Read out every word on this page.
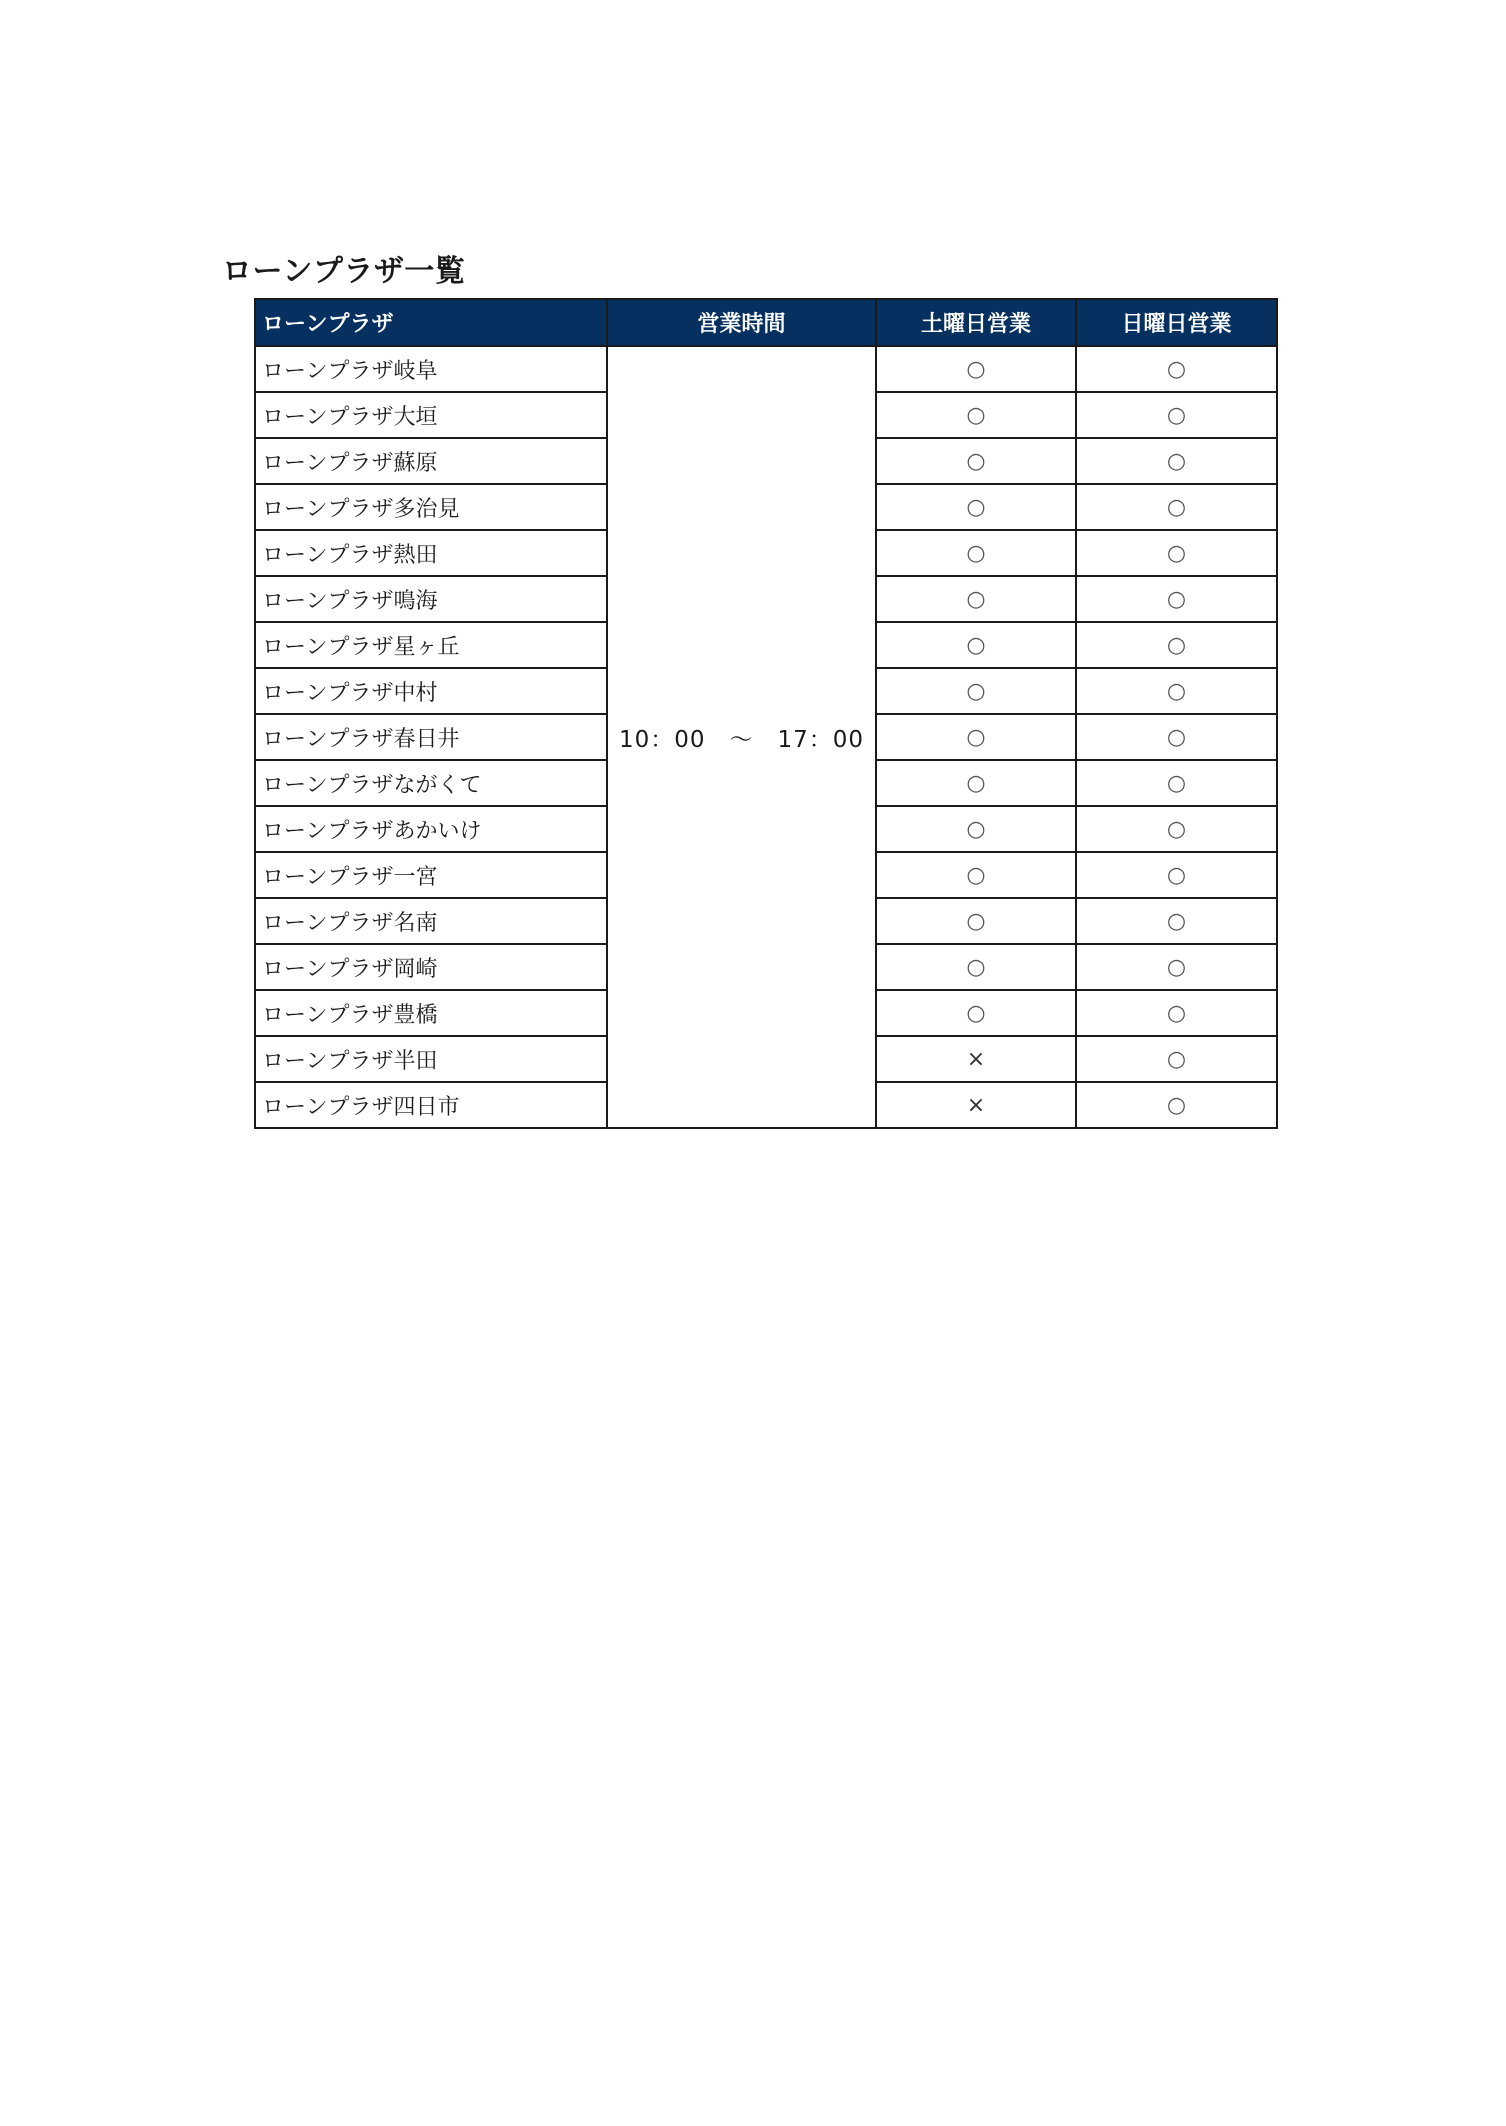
ローンプラザ一覧
ローンプラザ	営業時間	土曜日営業	日曜日営業
ローンプラザ岐阜	10：00　～　17：00	○	○
ローンプラザ大垣		○	○
ローンプラザ蘇原		○	○
ローンプラザ多治見		○	○
ローンプラザ熱田		○	○
ローンプラザ鳴海		○	○
ローンプラザ星ヶ丘		○	○
ローンプラザ中村		○	○
ローンプラザ春日井		○	○
ローンプラザながくて		○	○
ローンプラザあかいけ		○	○
ローンプラザ一宮		○	○
ローンプラザ名南		○	○
ローンプラザ岡崎		○	○
ローンプラザ豊橋		○	○
ローンプラザ半田		×	○
ローンプラザ四日市		×	○
